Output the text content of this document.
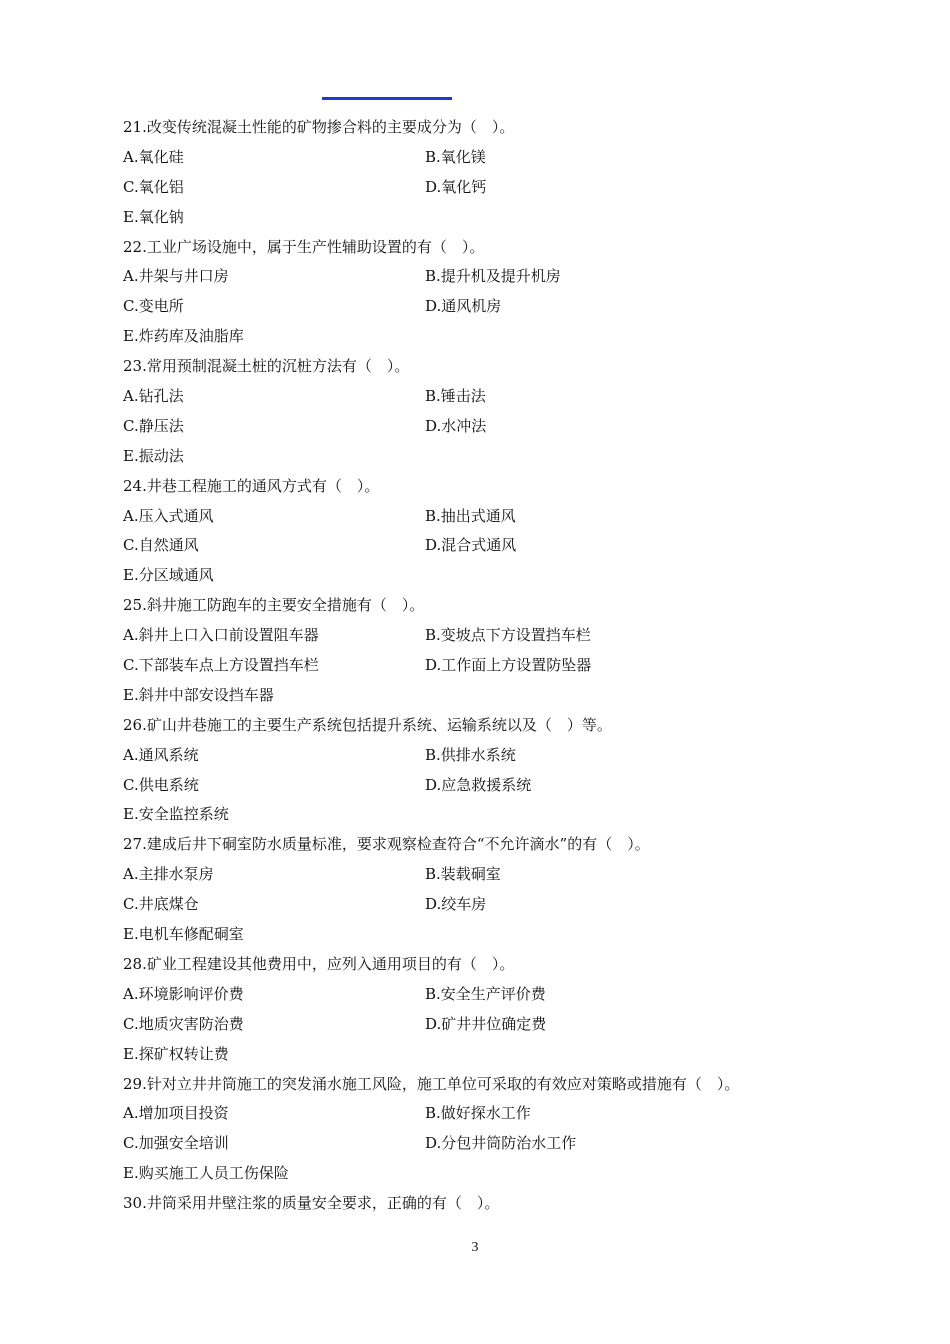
21.改变传统混凝土性能的矿物掺合料的主要成分为（　）。
A.氧化硅	B.氧化镁
C.氧化铝	D.氧化钙
E.氧化钠
22.工业广场设施中，属于生产性辅助设置的有（　）。
A.井架与井口房	B.提升机及提升机房
C.变电所	D.通风机房
E.炸药库及油脂库
23.常用预制混凝土桩的沉桩方法有（　）。
A.钻孔法	B.锤击法
C.静压法	D.水冲法
E.振动法
24.井巷工程施工的通风方式有（　）。
A.压入式通风	B.抽出式通风
C.自然通风	D.混合式通风
E.分区域通风
25.斜井施工防跑车的主要安全措施有（　）。
A.斜井上口入口前设置阻车器	B.变坡点下方设置挡车栏
C.下部装车点上方设置挡车栏	D.工作面上方设置防坠器
E.斜井中部安设挡车器
26.矿山井巷施工的主要生产系统包括提升系统、运输系统以及（　）等。
A.通风系统	B.供排水系统
C.供电系统	D.应急救援系统
E.安全监控系统
27.建成后井下硐室防水质量标准，要求观察检查符合“不允许滴水”的有（　）。
A.主排水泵房	B.装载硐室
C.井底煤仓	D.绞车房
E.电机车修配硐室
28.矿业工程建设其他费用中，应列入通用项目的有（　）。
A.环境影响评价费	B.安全生产评价费
C.地质灾害防治费	D.矿井井位确定费
E.探矿权转让费
29.针对立井井筒施工的突发涌水施工风险，施工单位可采取的有效应对策略或措施有（　）。
A.增加项目投资	B.做好探水工作
C.加强安全培训	D.分包井筒防治水工作
E.购买施工人员工伤保险
30.井筒采用井壁注浆的质量安全要求，正确的有（　）。
3
